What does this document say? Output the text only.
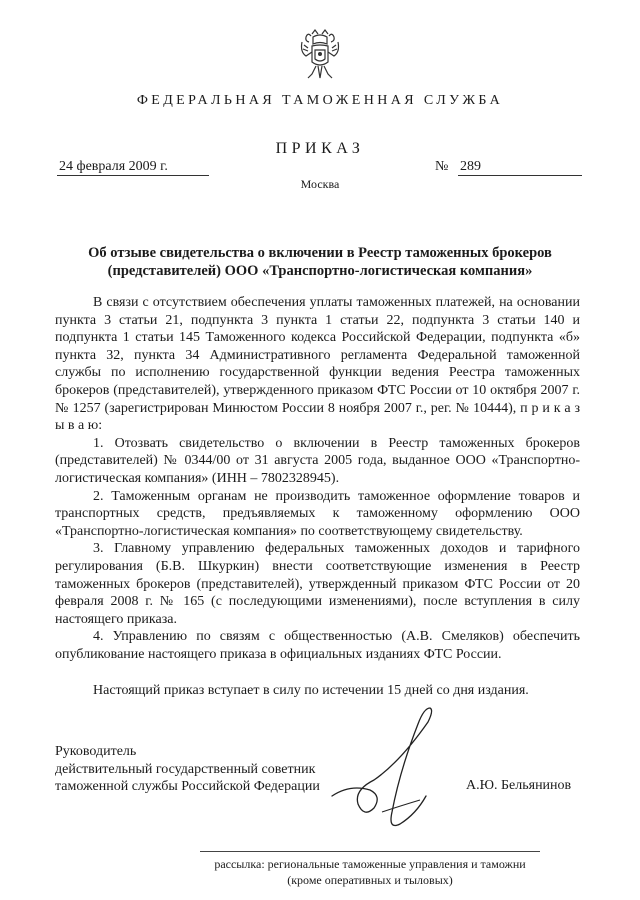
ФЕДЕРАЛЬНАЯ ТАМОЖЕННАЯ СЛУЖБА
ПРИКАЗ
24 февраля 2009 г.	№ 289
Москва
Об отзыве свидетельства о включении в Реестр таможенных брокеров
(представителей) ООО «Транспортно-логистическая компания»

В связи с отсутствием обеспечения уплаты таможенных платежей, на основании пункта 3 статьи 21, подпункта 3 пункта 1 статьи 22, подпункта 3 статьи 140 и подпункта 1 статьи 145 Таможенного кодекса Российской Федерации, подпункта «б» пункта 32, пункта 34 Административного регламента Федеральной таможенной службы по исполнению государственной функции ведения Реестра таможенных брокеров (представителей), утвержденного приказом ФТС России от 10 октября 2007 г. № 1257 (зарегистрирован Минюстом России 8 ноября 2007 г., рег. № 10444), п р и к а з ы в а ю:

1. Отозвать свидетельство о включении в Реестр таможенных брокеров (представителей) № 0344/00 от 31 августа 2005 года, выданное ООО «Транспортно-логистическая компания» (ИНН – 7802328945).

2. Таможенным органам не производить таможенное оформление товаров и транспортных средств, предъявляемых к таможенному оформлению ООО «Транспортно-логистическая компания» по соответствующему свидетельству.

3. Главному управлению федеральных таможенных доходов и тарифного регулирования (Б.В. Шкуркин) внести соответствующие изменения в Реестр таможенных брокеров (представителей), утвержденный приказом ФТС России от 20 февраля 2008 г. № 165 (с последующими изменениями), после вступления в силу настоящего приказа.

4. Управлению по связям с общественностью (А.В. Смеляков) обеспечить опубликование настоящего приказа в официальных изданиях ФТС России.

Настоящий приказ вступает в силу по истечении 15 дней со дня издания.

Руководитель
действительный государственный советник
таможенной службы Российской Федерации	А.Ю. Бельянинов
рассылка: региональные таможенные управления и таможни
(кроме оперативных и тыловых)
